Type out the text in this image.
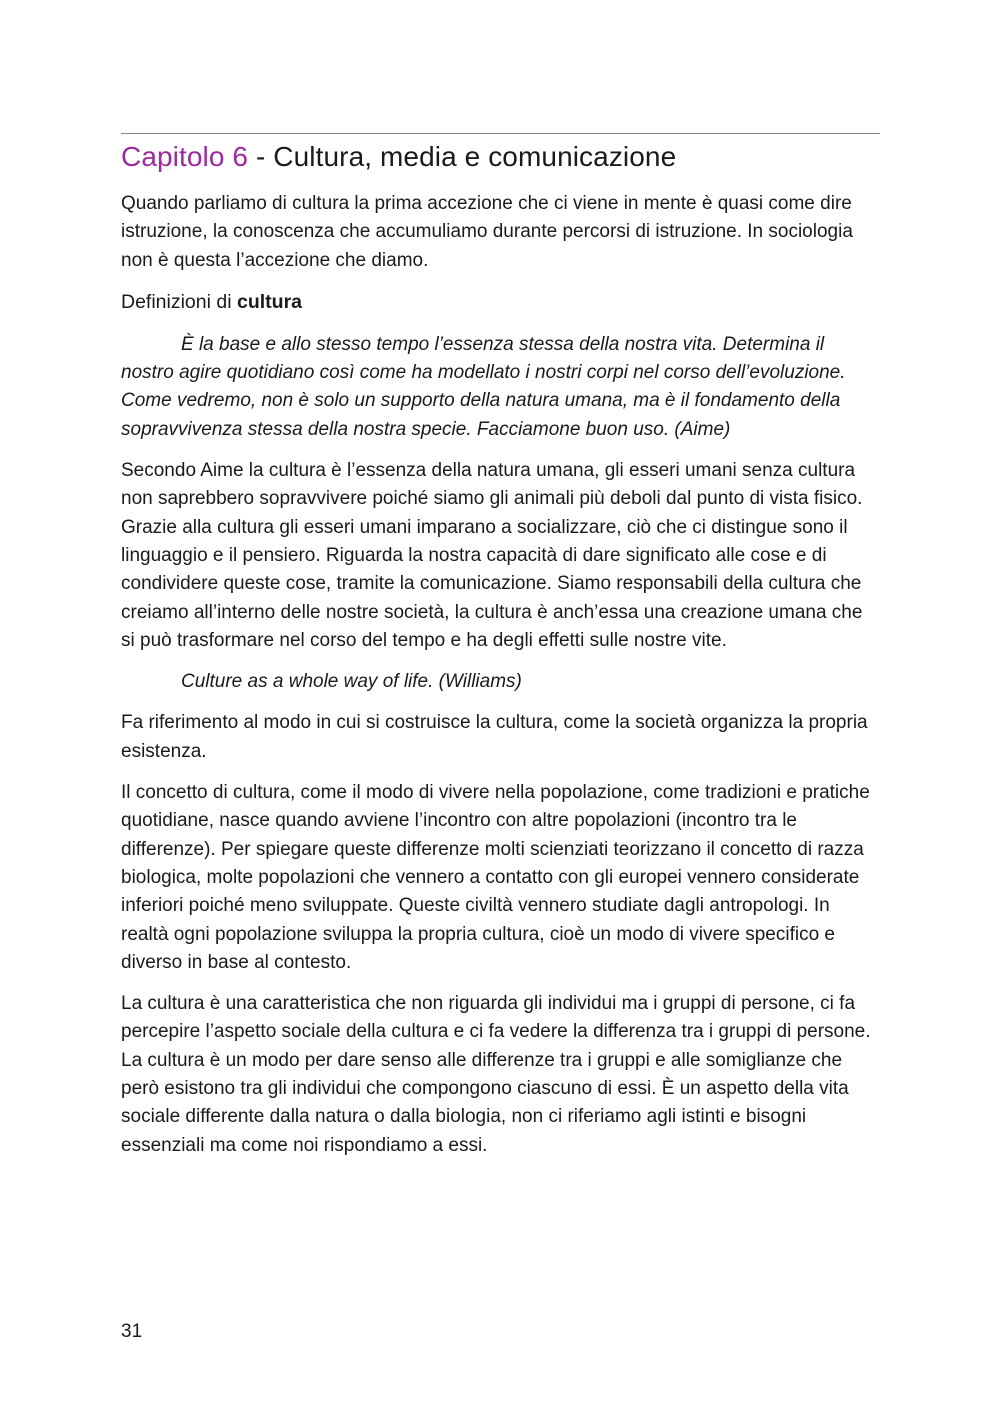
Capitolo 6 - Cultura, media e comunicazione

Quando parliamo di cultura la prima accezione che ci viene in mente è quasi come dire istruzione, la conoscenza che accumuliamo durante percorsi di istruzione. In sociologia non è questa l’accezione che diamo.

Definizioni di cultura

È la base e allo stesso tempo l’essenza stessa della nostra vita. Determina il nostro agire quotidiano così come ha modellato i nostri corpi nel corso dell’evoluzione. Come vedremo, non è solo un supporto della natura umana, ma è il fondamento della sopravvivenza stessa della nostra specie. Facciamone buon uso. (Aime)

Secondo Aime la cultura è l’essenza della natura umana, gli esseri umani senza cultura non saprebbero sopravvivere poiché siamo gli animali più deboli dal punto di vista fisico. Grazie alla cultura gli esseri umani imparano a socializzare, ciò che ci distingue sono il linguaggio e il pensiero. Riguarda la nostra capacità di dare significato alle cose e di condividere queste cose, tramite la comunicazione. Siamo responsabili della cultura che creiamo all’interno delle nostre società, la cultura è anch’essa una creazione umana che si può trasformare nel corso del tempo e ha degli effetti sulle nostre vite.

Culture as a whole way of life. (Williams)

Fa riferimento al modo in cui si costruisce la cultura, come la società organizza la propria esistenza.

Il concetto di cultura, come il modo di vivere nella popolazione, come tradizioni e pratiche quotidiane, nasce quando avviene l’incontro con altre popolazioni (incontro tra le differenze). Per spiegare queste differenze molti scienziati teorizzano il concetto di razza biologica, molte popolazioni che vennero a contatto con gli europei vennero considerate inferiori poiché meno sviluppate. Queste civiltà vennero studiate dagli antropologi. In realtà ogni popolazione sviluppa la propria cultura, cioè un modo di vivere specifico e diverso in base al contesto.

La cultura è una caratteristica che non riguarda gli individui ma i gruppi di persone, ci fa percepire l’aspetto sociale della cultura e ci fa vedere la differenza tra i gruppi di persone. La cultura è un modo per dare senso alle differenze tra i gruppi e alle somiglianze che però esistono tra gli individui che compongono ciascuno di essi. È un aspetto della vita sociale differente dalla natura o dalla biologia, non ci riferiamo agli istinti e bisogni essenziali ma come noi rispondiamo a essi.

31
